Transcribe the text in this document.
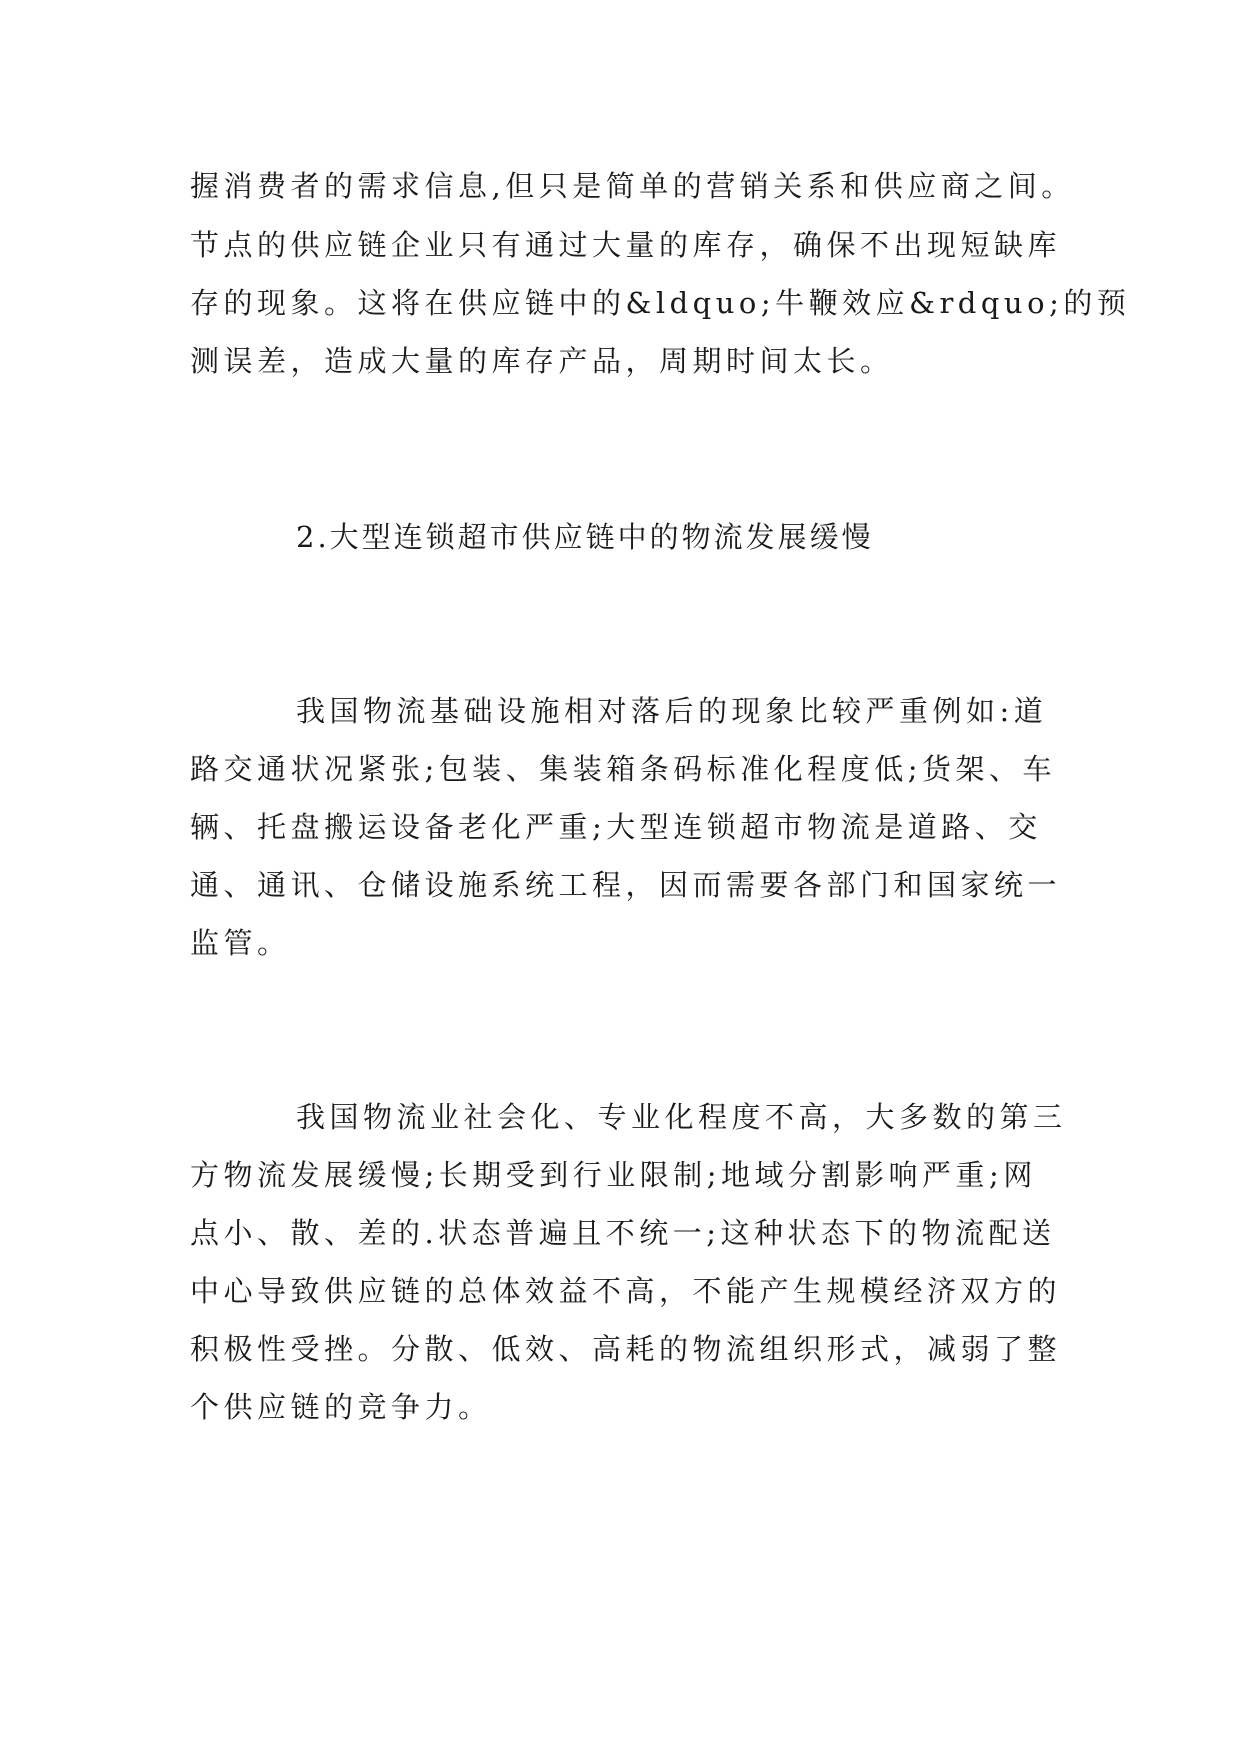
握消费者的需求信息,但只是简单的营销关系和供应商之间。
节点的供应链企业只有通过大量的库存，确保不出现短缺库
存的现象。这将在供应链中的&ldquo;牛鞭效应&rdquo;的预
测误差，造成大量的库存产品，周期时间太长。
2.大型连锁超市供应链中的物流发展缓慢
我国物流基础设施相对落后的现象比较严重例如:道
路交通状况紧张;包装、集装箱条码标准化程度低;货架、车
辆、托盘搬运设备老化严重;大型连锁超市物流是道路、交
通、通讯、仓储设施系统工程，因而需要各部门和国家统一
监管。
我国物流业社会化、专业化程度不高，大多数的第三
方物流发展缓慢;长期受到行业限制;地域分割影响严重;网
点小、散、差的.状态普遍且不统一;这种状态下的物流配送
中心导致供应链的总体效益不高，不能产生规模经济双方的
积极性受挫。分散、低效、高耗的物流组织形式，减弱了整
个供应链的竞争力。
